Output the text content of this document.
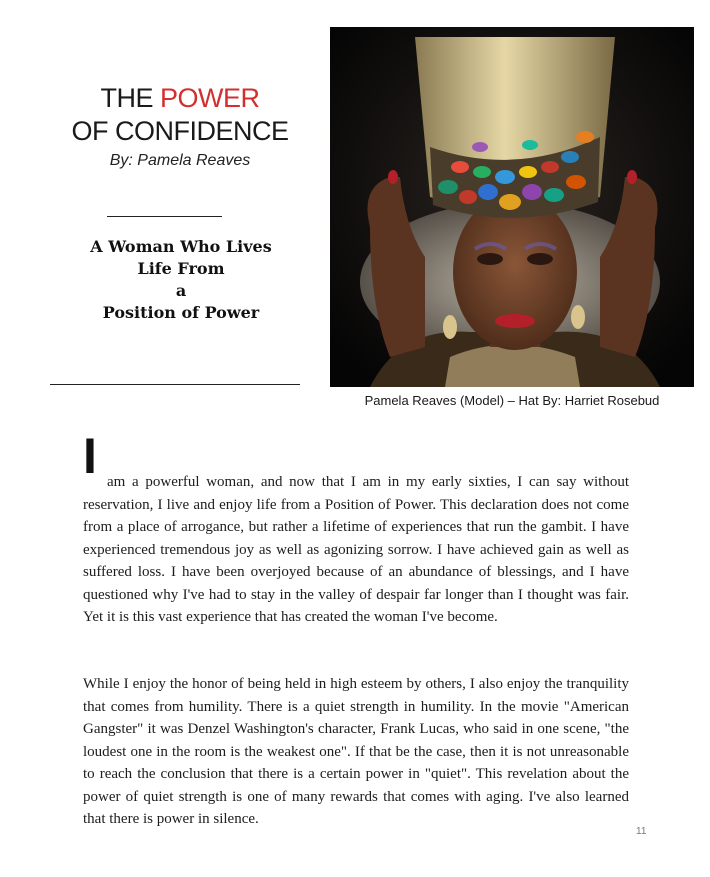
THE POWER
OF CONFIDENCE
By: Pamela Reaves
A Woman Who Lives
Life From
a
Position of Power
Pamela Reaves (Model) – Hat By: Harriet Rosebud
I am a powerful woman, and now that I am in my early sixties, I can say without reservation, I live and enjoy life from a Position of Power. This declaration does not come from a place of arrogance, but rather a lifetime of experiences that run the gambit. I have experienced tremendous joy as well as agonizing sorrow. I have achieved gain as well as suffered loss. I have been overjoyed because of an abundance of blessings, and I have questioned why I've had to stay in the valley of despair far longer than I thought was fair. Yet it is this vast experience that has created the woman I've become.

While I enjoy the honor of being held in high esteem by others, I also enjoy the tranquility that comes from humility. There is a quiet strength in humility. In the movie "American Gangster" it was Denzel Washington's character, Frank Lucas, who said in one scene, "the loudest one in the room is the weakest one". If that be the case, then it is not unreasonable to reach the conclusion that there is a certain power in "quiet". This revelation about the power of quiet strength is one of many rewards that comes with aging. I've also learned that there is power in silence.

11
